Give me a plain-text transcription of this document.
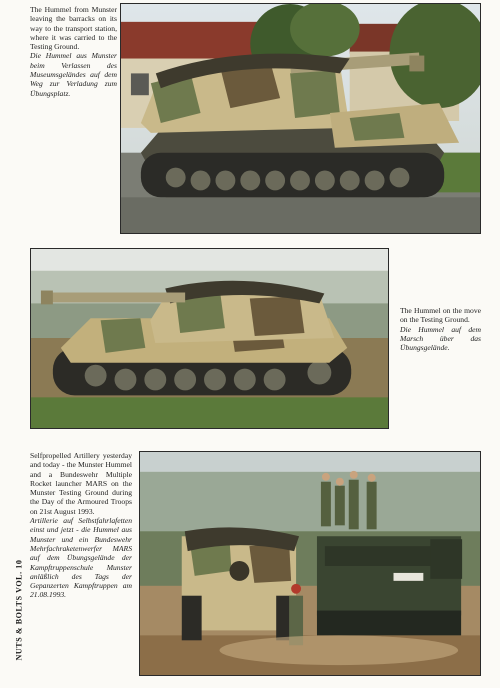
The Hummel from Munster leaving the barracks on its way to the transport station, where it was carried to the Testing Ground.

Die Hummel aus Munster beim Verlassen des Museumsgeländes auf dem Weg zur Verladung zum Übungsplatz.

The Hummel on the move on the Testing Ground.

Die Hummel auf dem Marsch über das Übungsgelände.

Selfpropelled Artillery yesterday and today - the Munster Hummel and a Bundeswehr Multiple Rocket launcher MARS on the Munster Testing Ground during the Day of the Armoured Troops on 21st August 1993.

Artillerie auf Selbstfahrlafetten einst und jetzt - die Hummel aus Munster und ein Bundeswehr Mehrfachraketenwerfer MARS auf dem Übungsgelände der Kampftruppenschule Munster anläßlich des Tags der Gepanzerten Kampftruppen am 21.08.1993.

NUTS & BOLTS VOL. 10
